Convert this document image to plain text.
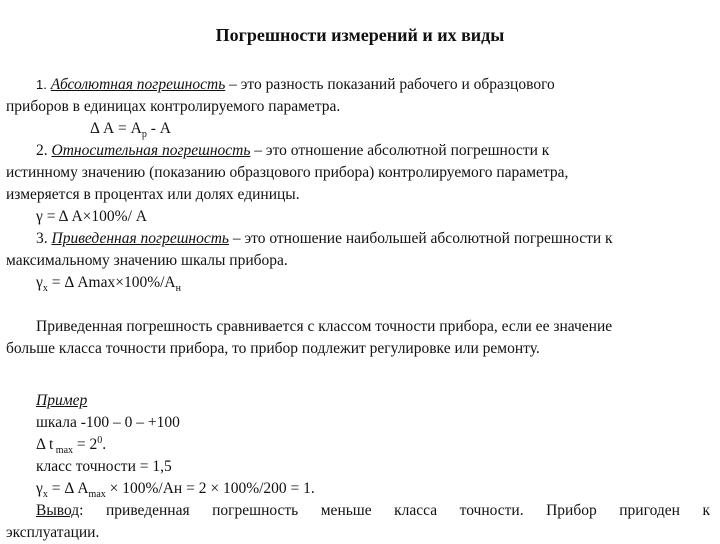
Погрешности измерений и их виды
1. Абсолютная погрешность – это разность показаний рабочего и образцового
приборов в единицах контролируемого параметра.
Δ $А = А_р - А$
2. Относительная погрешность – это отношение абсолютной погрешности к
истинному значению (показанию образцового прибора) контролируемого параметра,
измеряется в процентах или долях единицы.
γ = Δ А×100%/ А
3. Приведенная погрешность – это отношение наибольшей абсолютной погрешности к
максимальному значению шкалы прибора.
$\gamma_х = \Delta$ $А\max\times 100\%/А_н$
Приведенная погрешность сравнивается с классом точности прибора, если ее значение
больше класса точности прибора, то прибор подлежит регулировке или ремонту.
Пример
шкала -100 – 0 – +100
Δ t $_{max} = 2^0$.
класс точности = 1,5
$\gamma_х = \Delta$ $А_{max} \times 100\%/Ан = 2 \times 100\%/200 = 1$.
Вывод: приведенная погрешность меньше класса точности. Прибор пригоден к
эксплуатации.
